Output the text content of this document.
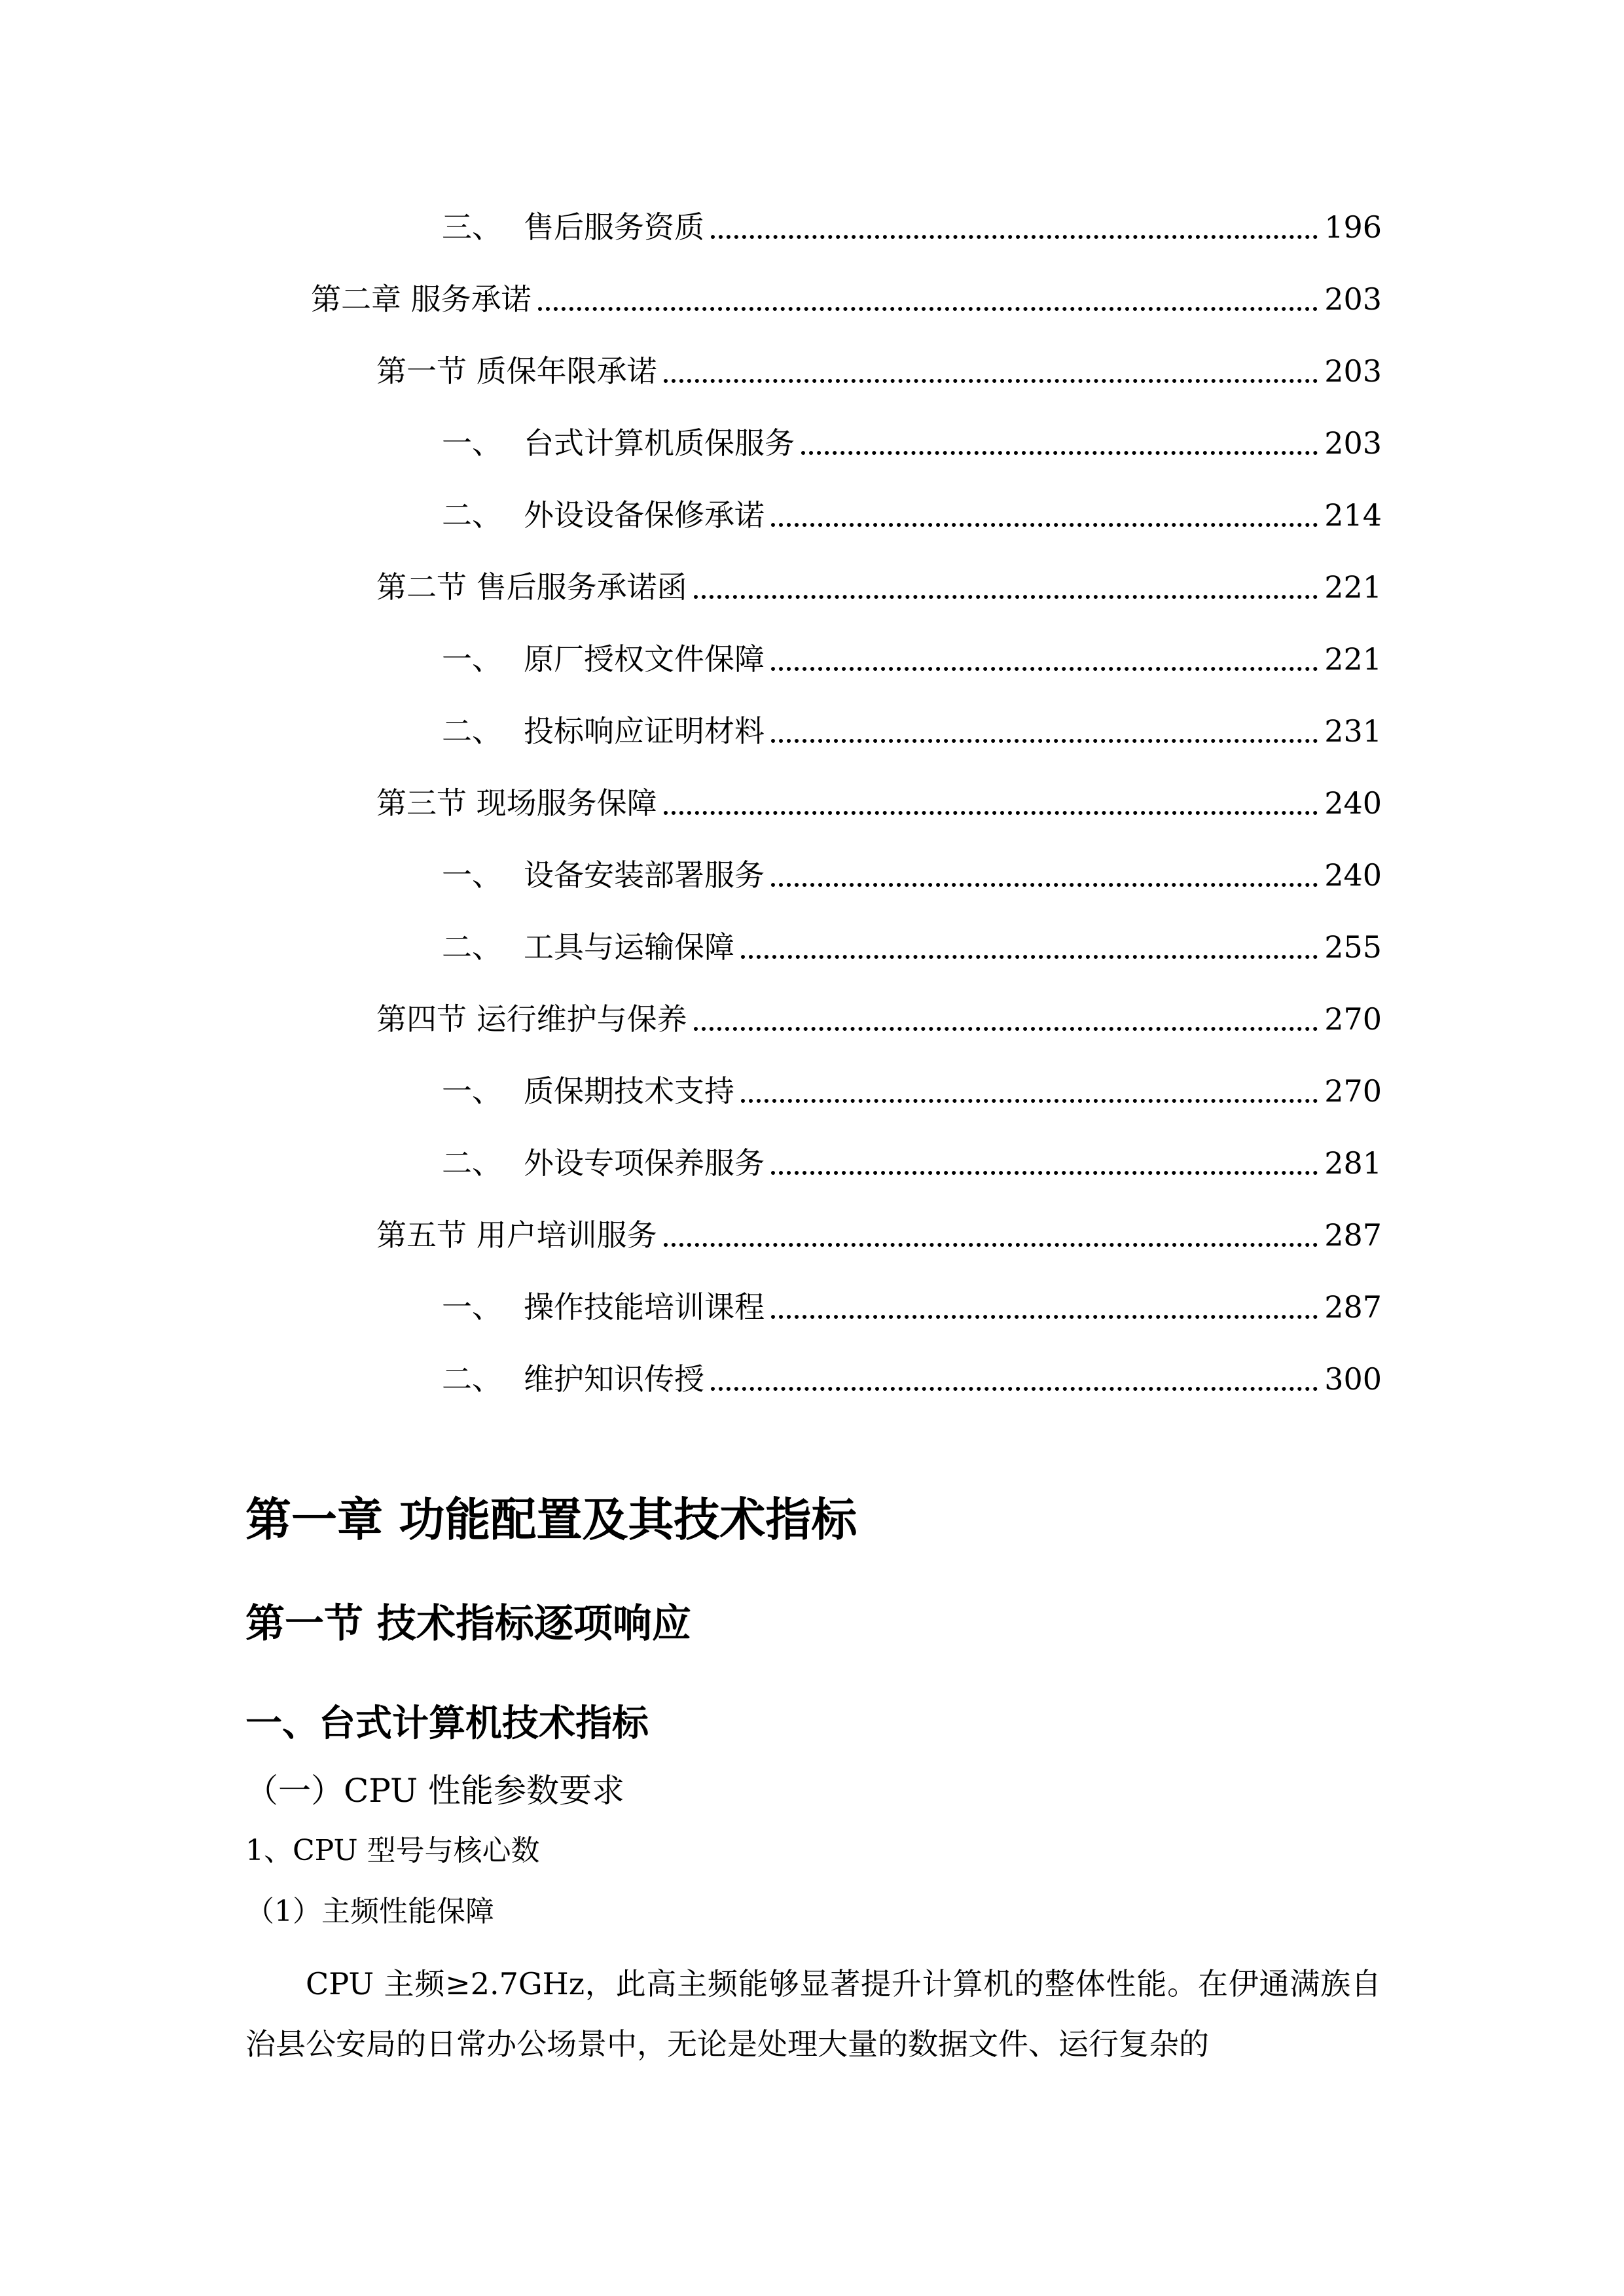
三、 售后服务资质	196
第二章 服务承诺	203
第一节 质保年限承诺	203
一、 台式计算机质保服务	203
二、 外设设备保修承诺	214
第二节 售后服务承诺函	221
一、 原厂授权文件保障	221
二、 投标响应证明材料	231
第三节 现场服务保障	240
一、 设备安装部署服务	240
二、 工具与运输保障	255
第四节 运行维护与保养	270
一、 质保期技术支持	270
二、 外设专项保养服务	281
第五节 用户培训服务	287
一、 操作技能培训课程	287
二、 维护知识传授	300
第一章 功能配置及其技术指标
第一节 技术指标逐项响应
一、台式计算机技术指标
（一）CPU 性能参数要求
1、CPU 型号与核心数
（1）主频性能保障

CPU 主频≥2.7GHz，此高主频能够显著提升计算机的整体性能。在伊通满族自治县公安局的日常办公场景中，无论是处理大量的数据文件、运行复杂的
